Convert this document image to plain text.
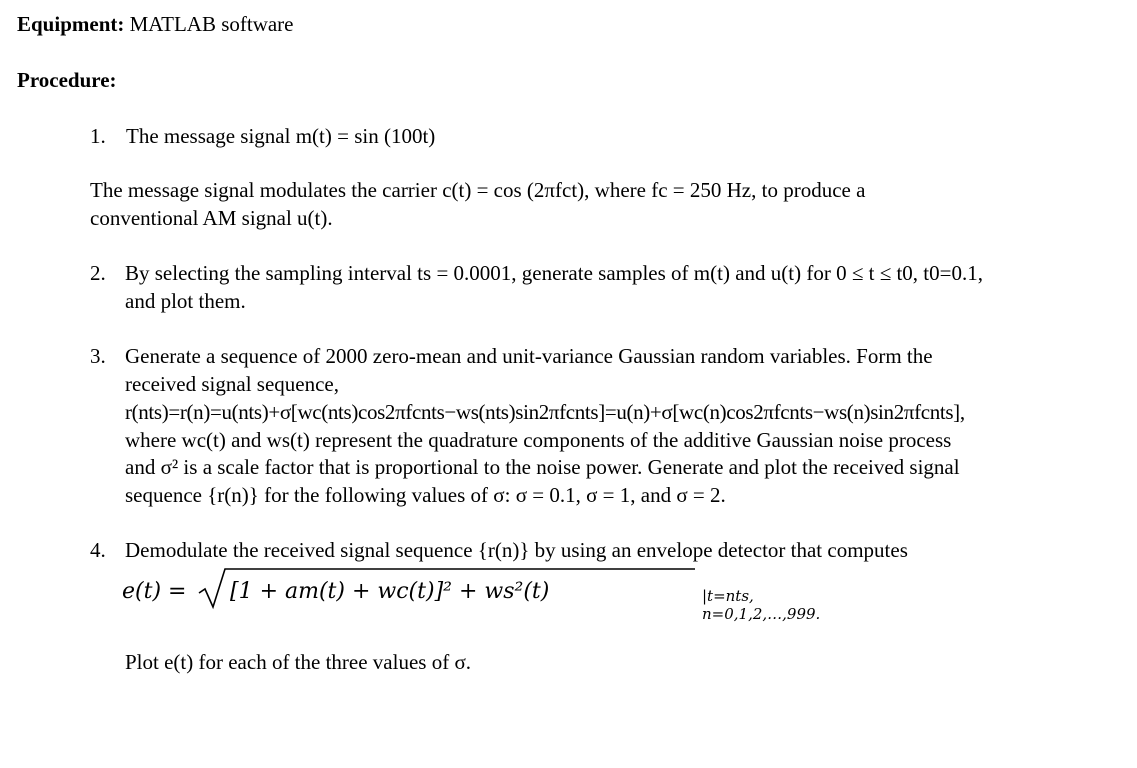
Equipment: MATLAB software
Procedure:
1. The message signal m(t) = sin (100t)
The message signal modulates the carrier c(t) = cos (2πfct), where fc = 250 Hz, to produce a
conventional AM signal u(t).
2. By selecting the sampling interval ts = 0.0001, generate samples of m(t) and u(t) for 0 ≤ t ≤ t0, t0=0.1,
and plot them.
3. Generate a sequence of 2000 zero-mean and unit-variance Gaussian random variables. Form the
received signal sequence,
r(nts)=r(n)=u(nts)+σ[wc(nts)cos2πfcnts−ws(nts)sin2πfcnts]=u(n)+σ[wc(n)cos2πfcnts−ws(n)sin2πfcnts],
where wc(t) and ws(t) represent the quadrature components of the additive Gaussian noise process
and σ² is a scale factor that is proportional to the noise power. Generate and plot the received signal
sequence {r(n)} for the following values of σ: σ = 0.1, σ = 1, and σ = 2.
4. Demodulate the received signal sequence {r(n)} by using an envelope detector that computes
e(t) = [1 + am(t) + wc(t)]² + ws²(t)	|t=nts, n=0,1,2,…,999.
Plot e(t) for each of the three values of σ.
